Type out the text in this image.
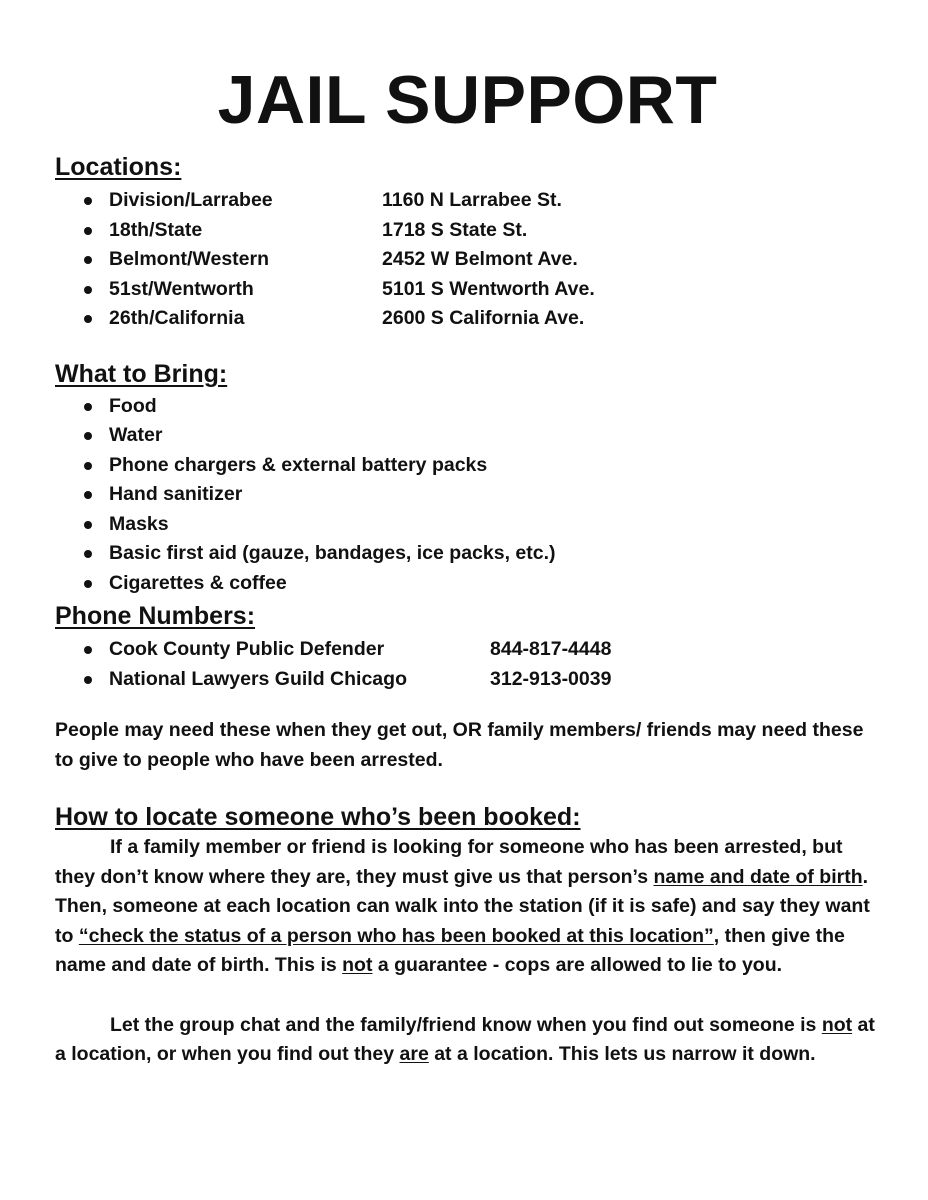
JAIL SUPPORT
Locations:
Division/Larrabee	1160 N Larrabee St.
18th/State	1718 S State St.
Belmont/Western	2452 W Belmont Ave.
51st/Wentworth	5101 S Wentworth Ave.
26th/California	2600 S California Ave.
What to Bring:
Food
Water
Phone chargers & external battery packs
Hand sanitizer
Masks
Basic first aid (gauze, bandages, ice packs, etc.)
Cigarettes & coffee
Phone Numbers:
Cook County Public Defender	844-817-4448
National Lawyers Guild Chicago	312-913-0039

People may need these when they get out, OR family members/ friends may need these to give to people who have been arrested.

How to locate someone who’s been booked:

If a family member or friend is looking for someone who has been arrested, but they don’t know where they are, they must give us that person’s name and date of birth. Then, someone at each location can walk into the station (if it is safe) and say they want to “check the status of a person who has been booked at this location”, then give the name and date of birth. This is not a guarantee - cops are allowed to lie to you.

Let the group chat and the family/friend know when you find out someone is not at a location, or when you find out they are at a location. This lets us narrow it down.
